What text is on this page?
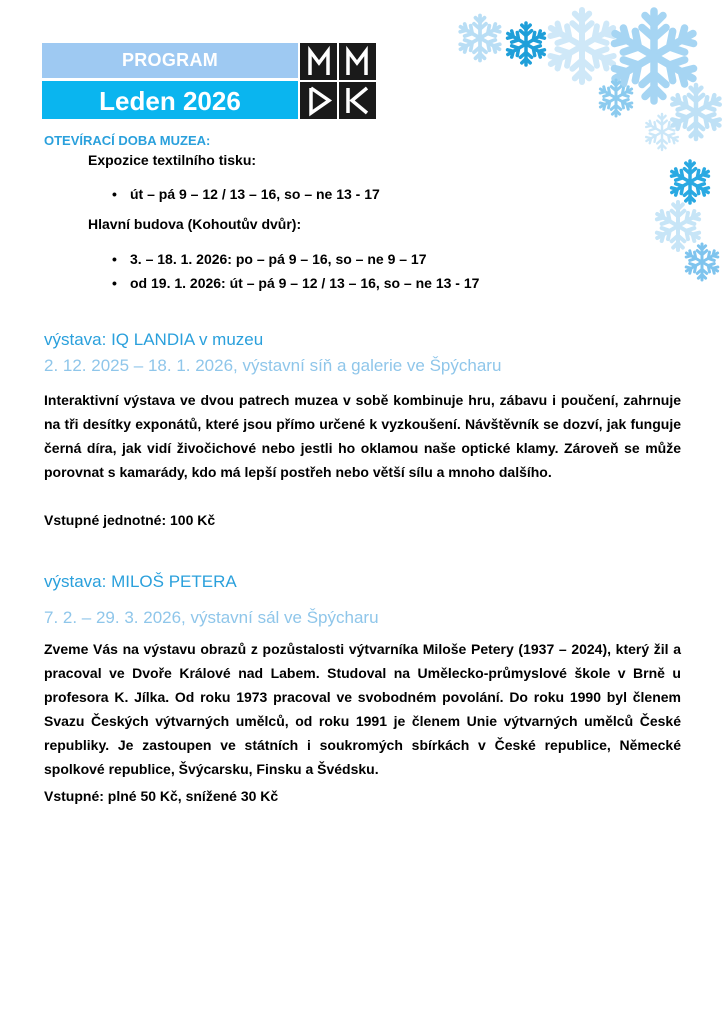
PROGRAM
Leden 2026
OTEVÍRACÍ DOBA MUZEA:
Expozice textilního tisku:
• út – pá 9 – 12 / 13 – 16, so – ne 13 - 17
Hlavní budova (Kohoutův dvůr):
• 3. – 18. 1. 2026: po – pá 9 – 16, so – ne 9 – 17
• od 19. 1. 2026: út – pá 9 – 12 / 13 – 16, so – ne 13 - 17
výstava: IQ LANDIA v muzeu
2. 12. 2025 – 18. 1. 2026, výstavní síň a galerie ve Špýcharu
Interaktivní výstava ve dvou patrech muzea v sobě kombinuje hru, zábavu i poučení, zahrnuje na tři desítky exponátů, které jsou přímo určené k vyzkoušení. Návštěvník se dozví, jak funguje černá díra, jak vidí živočichové nebo jestli ho oklamou naše optické klamy. Zároveň se může porovnat s kamarády, kdo má lepší postřeh nebo větší sílu a mnoho dalšího.
Vstupné jednotné: 100 Kč
výstava: MILOŠ PETERA
7. 2. – 29. 3. 2026, výstavní sál ve Špýcharu
Zveme Vás na výstavu obrazů z pozůstalosti výtvarníka Miloše Petery (1937 – 2024), který žil a pracoval ve Dvoře Králové nad Labem. Studoval na Umělecko-průmyslové škole v Brně u profesora K. Jílka. Od roku 1973 pracoval ve svobodném povolání. Do roku 1990 byl členem Svazu Českých výtvarných umělců, od roku 1991 je členem Unie výtvarných umělců České republiky. Je zastoupen ve státních i soukromých sbírkách v České republice, Německé spolkové republice, Švýcarsku, Finsku a Švédsku.
Vstupné: plné 50 Kč, snížené 30 Kč
